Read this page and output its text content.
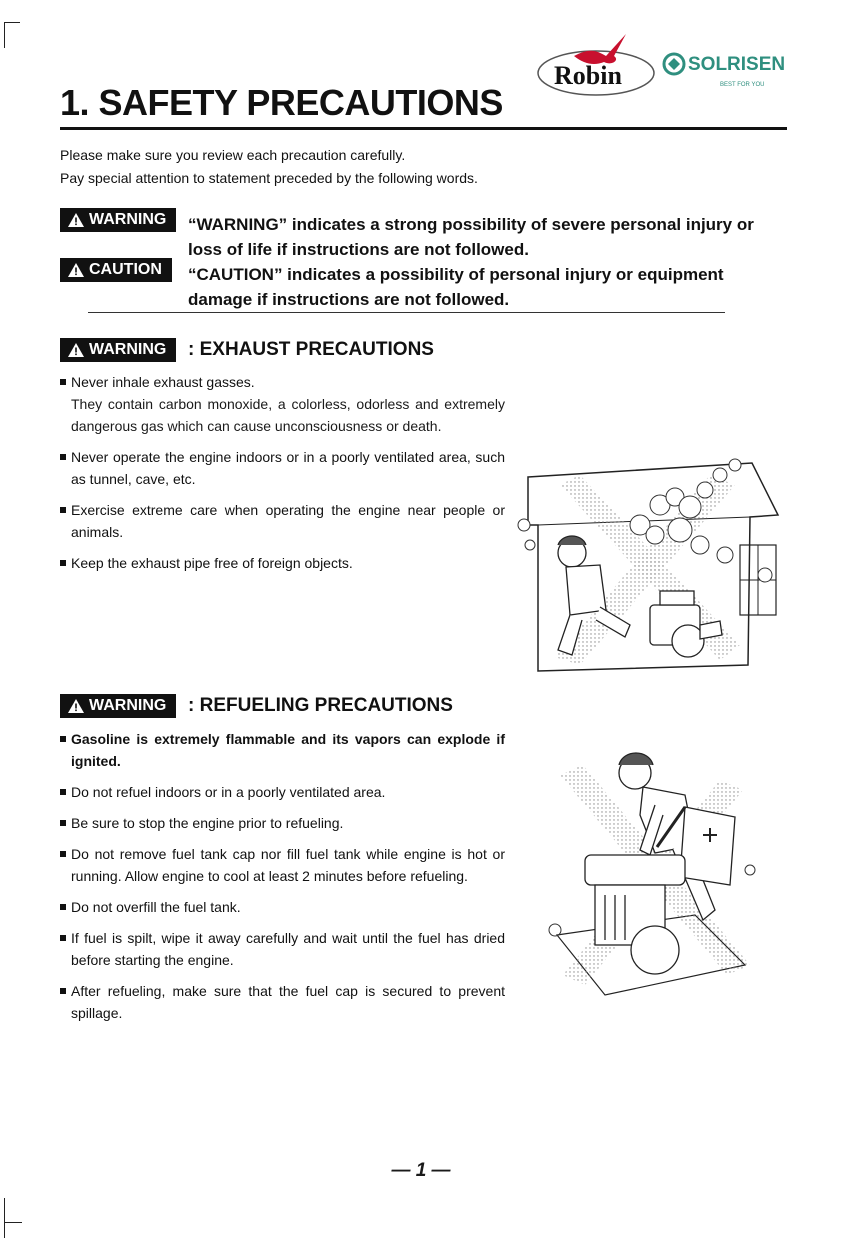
Robin	SOLRISEN
BEST FOR YOU
1. SAFETY PRECAUTIONS
Please make sure you review each precaution carefully.
Pay special attention to statement preceded by the following words.
WARNING “WARNING” indicates a strong possibility of severe personal injury or loss of life if instructions are not followed.
CAUTION “CAUTION” indicates a possibility of personal injury or equipment damage if instructions are not followed.
WARNING : EXHAUST PRECAUTIONS
Never inhale exhaust gasses.
They contain carbon monoxide, a colorless, odorless and extremely dangerous gas which can cause unconsciousness or death.
Never operate the engine indoors or in a poorly ventilated area, such as tunnel, cave, etc.
Exercise extreme care when operating the engine near people or animals.
Keep the exhaust pipe free of foreign objects.
WARNING : REFUELING PRECAUTIONS
Gasoline is extremely flammable and its vapors can explode if ignited.
Do not refuel indoors or in a poorly ventilated area.
Be sure to stop the engine prior to refueling.
Do not remove fuel tank cap nor fill fuel tank while engine is hot or running. Allow engine to cool at least 2 minutes before refueling.
Do not overfill the fuel tank.
If fuel is spilt, wipe it away carefully and wait until the fuel has dried before starting the engine.
After refueling, make sure that the fuel cap is secured to prevent spillage.
— 1 —
